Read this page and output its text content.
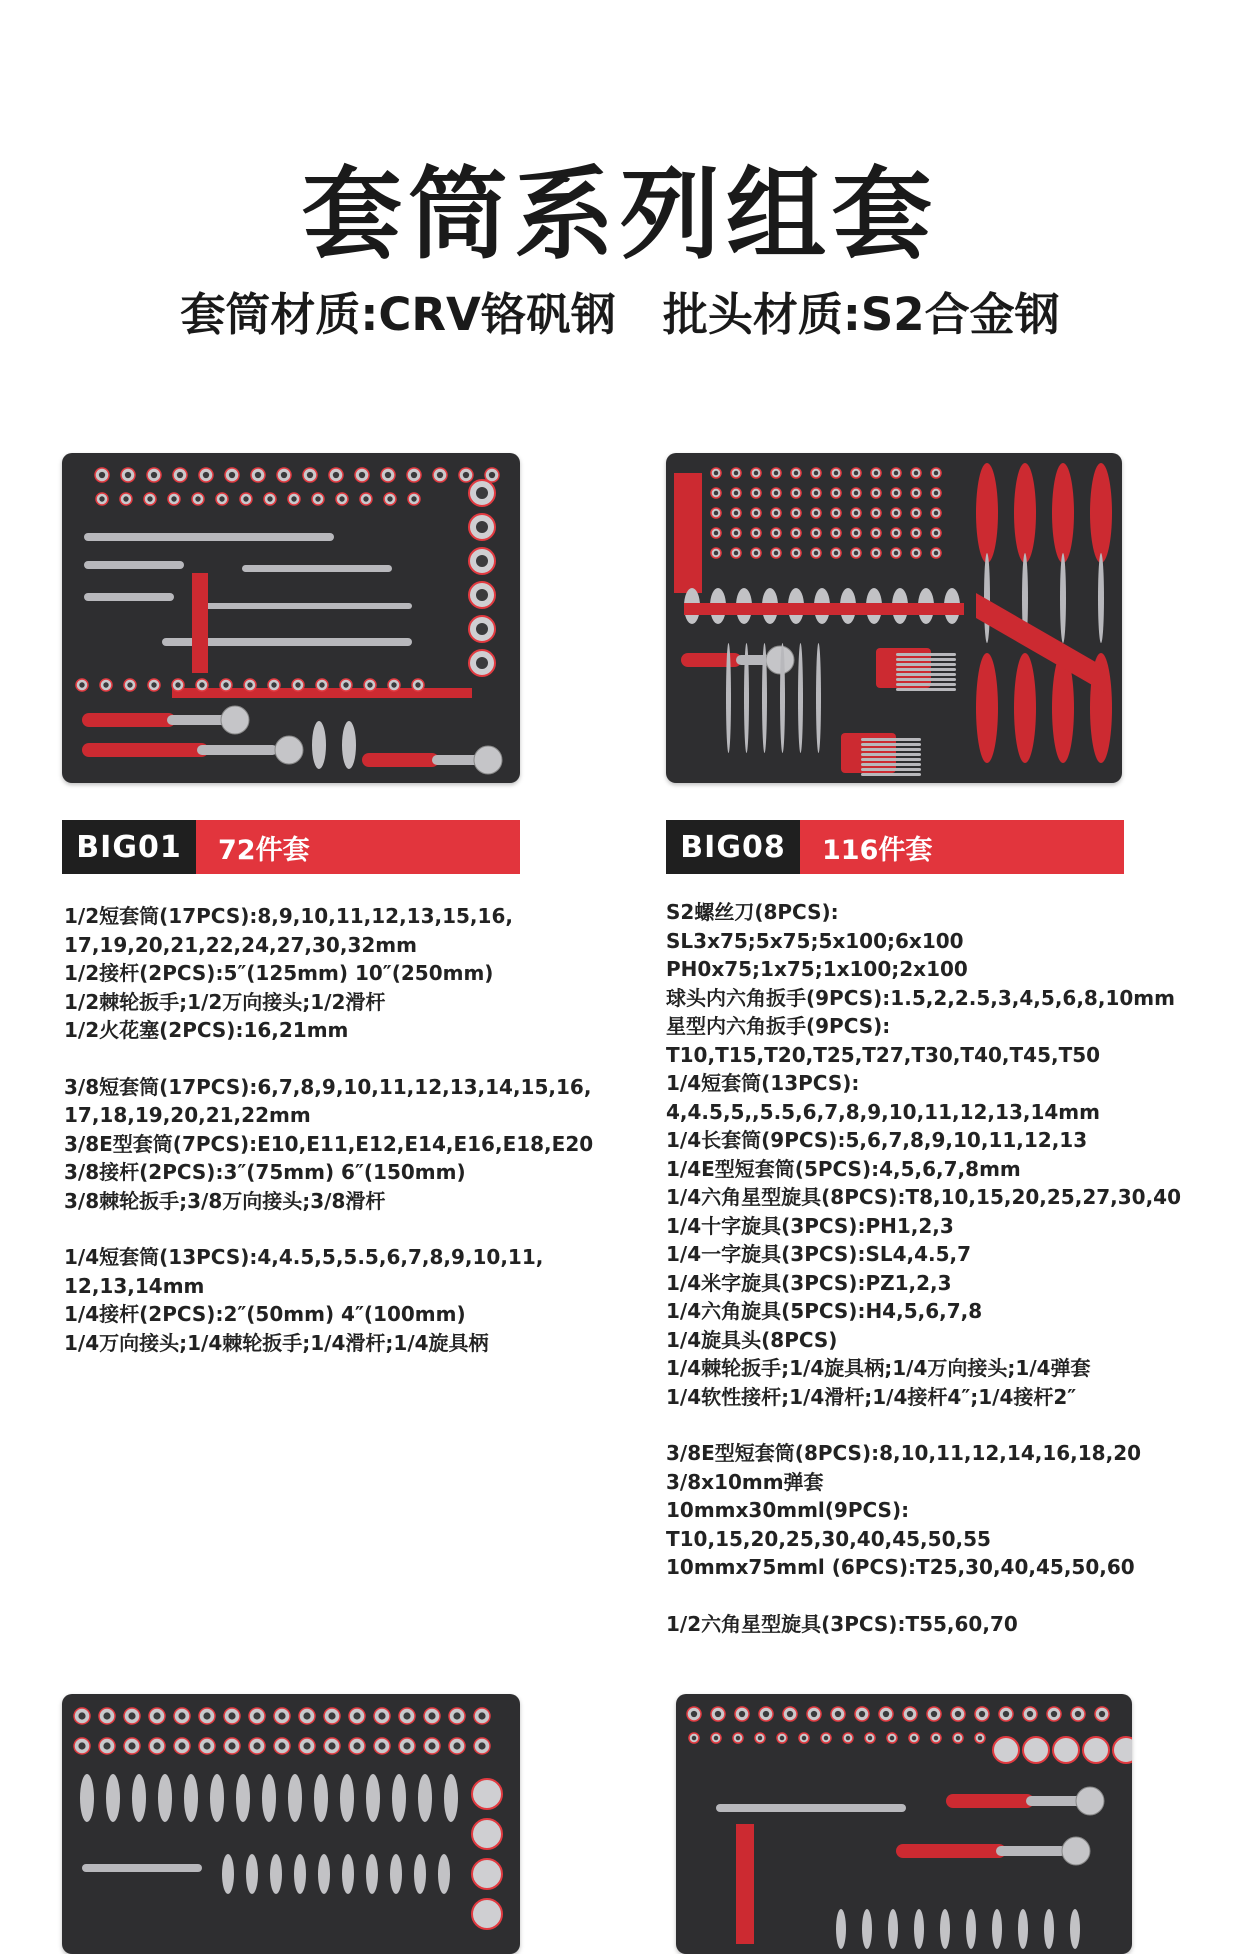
套筒系列组套
套筒材质:CRV铬矾钢   批头材质:S2合金钢
BIG01	72件套	BIG08	116件套
1/2短套筒(17PCS):8,9,10,11,12,13,15,16,
17,19,20,21,22,24,27,30,32mm
1/2接杆(2PCS):5″(125mm) 10″(250mm)
1/2棘轮扳手;1/2万向接头;1/2滑杆
1/2火花塞(2PCS):16,21mm
3/8短套筒(17PCS):6,7,8,9,10,11,12,13,14,15,16,
17,18,19,20,21,22mm
3/8E型套筒(7PCS):E10,E11,E12,E14,E16,E18,E20
3/8接杆(2PCS):3″(75mm) 6″(150mm)
3/8棘轮扳手;3/8万向接头;3/8滑杆
1/4短套筒(13PCS):4,4.5,5,5.5,6,7,8,9,10,11,
12,13,14mm
1/4接杆(2PCS):2″(50mm) 4″(100mm)
1/4万向接头;1/4棘轮扳手;1/4滑杆;1/4旋具柄
S2螺丝刀(8PCS):
SL3x75;5x75;5x100;6x100
PH0x75;1x75;1x100;2x100
球头内六角扳手(9PCS):1.5,2,2.5,3,4,5,6,8,10mm
星型内六角扳手(9PCS):
T10,T15,T20,T25,T27,T30,T40,T45,T50
1/4短套筒(13PCS):
4,4.5,5,,5.5,6,7,8,9,10,11,12,13,14mm
1/4长套筒(9PCS):5,6,7,8,9,10,11,12,13
1/4E型短套筒(5PCS):4,5,6,7,8mm
1/4六角星型旋具(8PCS):T8,10,15,20,25,27,30,40
1/4十字旋具(3PCS):PH1,2,3
1/4一字旋具(3PCS):SL4,4.5,7
1/4米字旋具(3PCS):PZ1,2,3
1/4六角旋具(5PCS):H4,5,6,7,8
1/4旋具头(8PCS)
1/4棘轮扳手;1/4旋具柄;1/4万向接头;1/4弹套
1/4软性接杆;1/4滑杆;1/4接杆4″;1/4接杆2″
3/8E型短套筒(8PCS):8,10,11,12,14,16,18,20
3/8x10mm弹套
10mmx30mml(9PCS):
T10,15,20,25,30,40,45,50,55
10mmx75mml (6PCS):T25,30,40,45,50,60
1/2六角星型旋具(3PCS):T55,60,70
